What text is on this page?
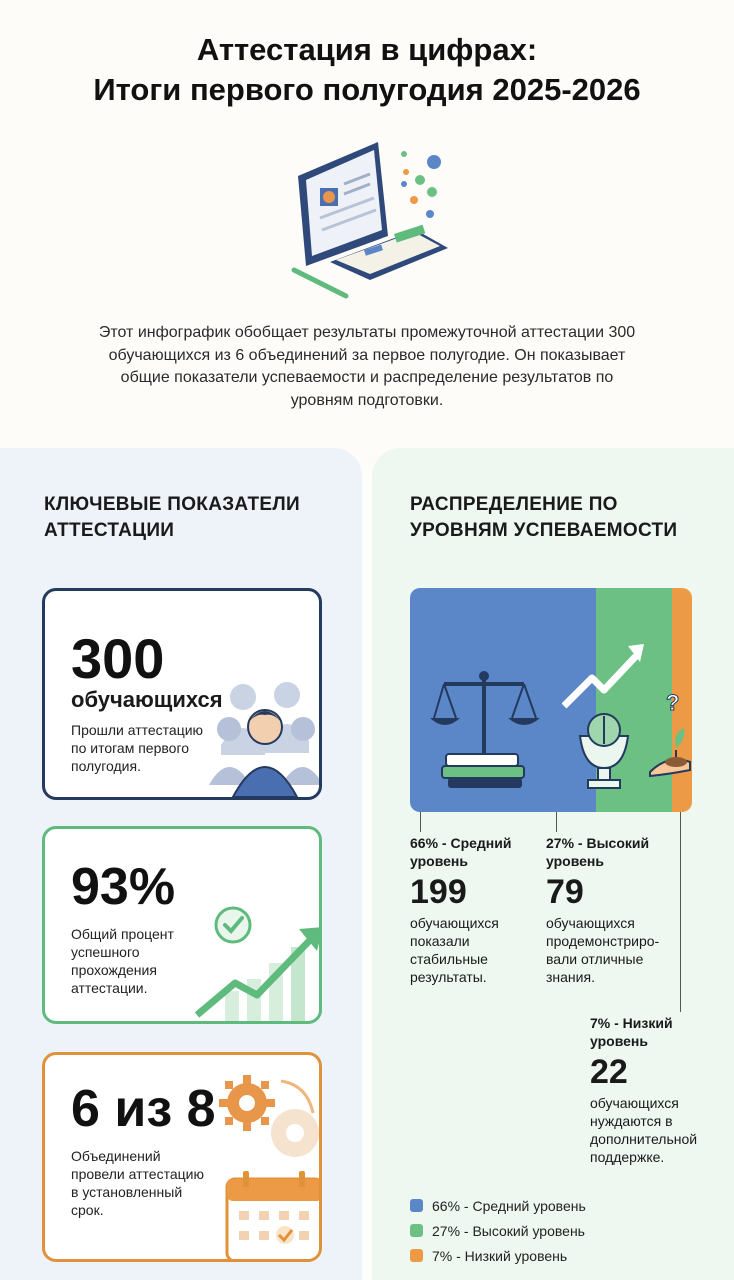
Аттестация в цифрах:
Итоги первого полугодия 2025-2026
Этот инфографик обобщает результаты промежуточной аттестации 300
обучающихся из 6 объединений за первое полугодие. Он показывает
общие показатели успеваемости и распределение результатов по
уровням подготовки.
КЛЮЧЕВЫЕ ПОКАЗАТЕЛИ
АТТЕСТАЦИИ
300
обучающихся
Прошли аттестацию
по итогам первого
полугодия.
93%
Общий процент
успешного
прохождения
аттестации.
6 из 8
Объединений
провели аттестацию
в установленный
срок.
РАСПРЕДЕЛЕНИЕ ПО
УРОВНЯМ УСПЕВАЕМОСТИ
?
66% - Средний
уровень
199
обучающихся
показали
стабильные
результаты.
27% - Высокий
уровень
79
обучающихся
продемонстриро-
вали отличные
знания.
7% - Низкий
уровень
22
обучающихся
нуждаются в
дополнительной
поддержке.
66% - Средний уровень
27% - Высокий уровень
7% - Низкий уровень
